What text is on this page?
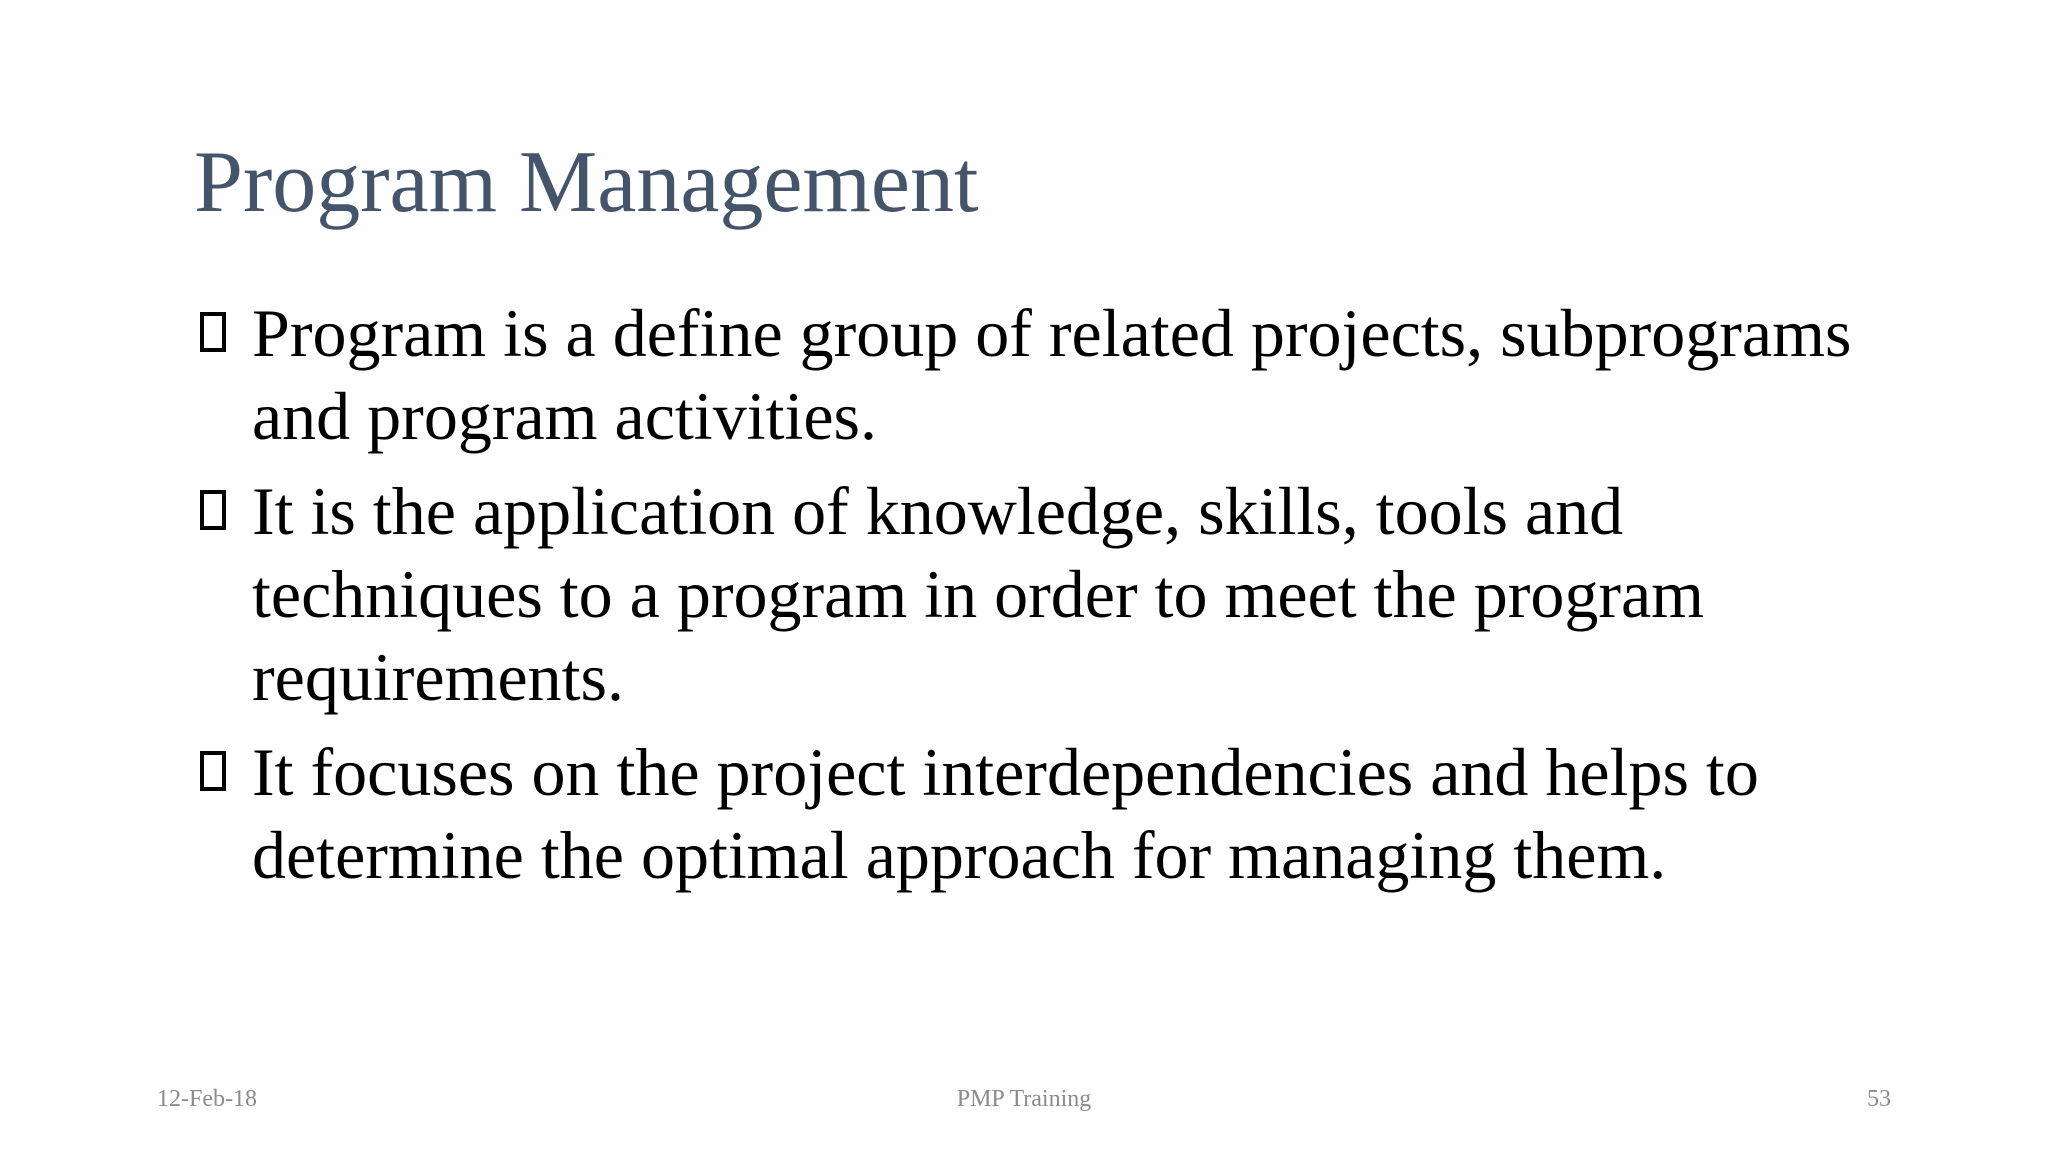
Program Management
Program is a define group of related projects, subprograms and program activities.
It is the application of knowledge, skills, tools and techniques to a program in order to meet the program requirements.
It focuses on the project interdependencies and helps to determine the optimal approach for managing them.
12-Feb-18	PMP Training	53
